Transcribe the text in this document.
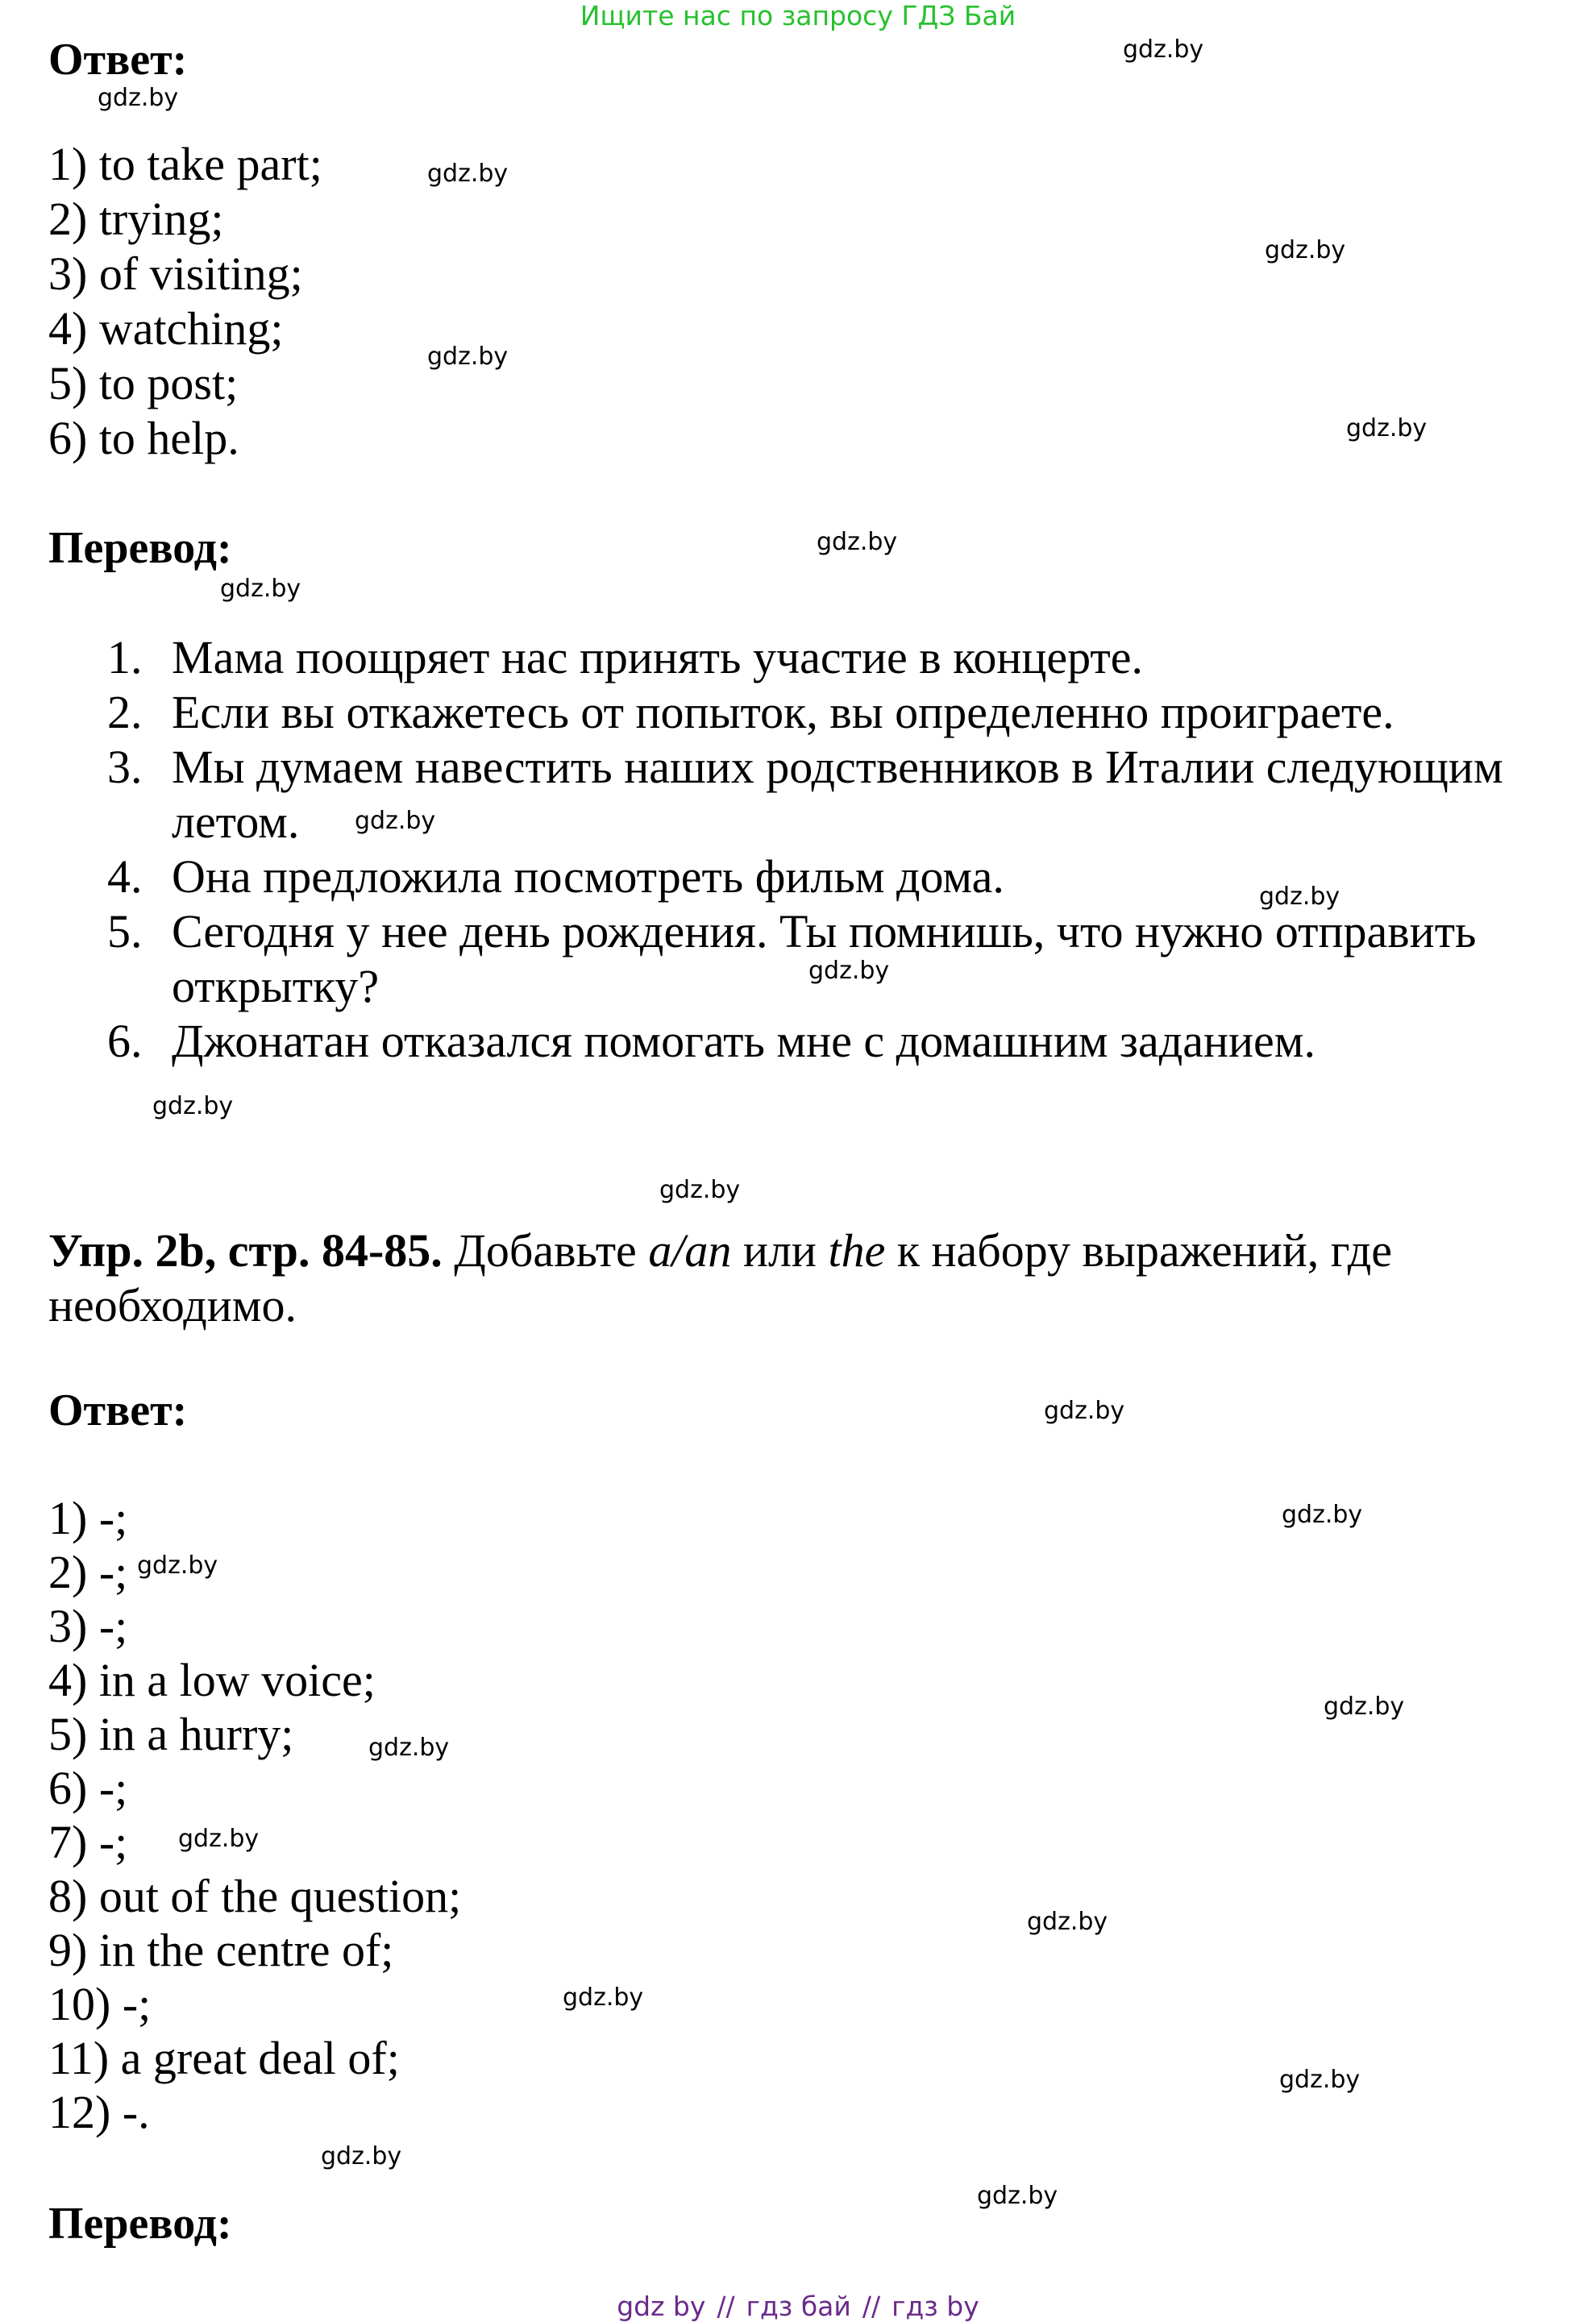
Ищите нас по запросу ГДЗ Бай
Ответ:
1) to take part;
2) trying;
3) of visiting;
4) watching;
5) to post;
6) to help.
Перевод:
1. Мама поощряет нас принять участие в концерте.
2. Если вы откажетесь от попыток, вы определенно проиграете.
3. Мы думаем навестить наших родственников в Италии следующим летом.
4. Она предложила посмотреть фильм дома.
5. Сегодня у нее день рождения. Ты помнишь, что нужно отправить открытку?
6. Джонатан отказался помогать мне с домашним заданием.
Упр. 2b, стр. 84-85. Добавьте a/an или the к набору выражений, где необходимо.
Ответ:
1) -;
2) -;
3) -;
4) in a low voice;
5) in a hurry;
6) -;
7) -;
8) out of the question;
9) in the centre of;
10) -;
11) a great deal of;
12) -.
Перевод:
gdz.by
gdz.by
gdz.by
gdz.by
gdz.by
gdz.by
gdz.by
gdz.by
gdz.by
gdz.by
gdz.by
gdz.by
gdz.by
gdz.by
gdz.by
gdz.by
gdz.by
gdz.by
gdz.by
gdz.by
gdz.by
gdz.by
gdz.by
gdz.by
gdz by // гдз бай // гдз by
